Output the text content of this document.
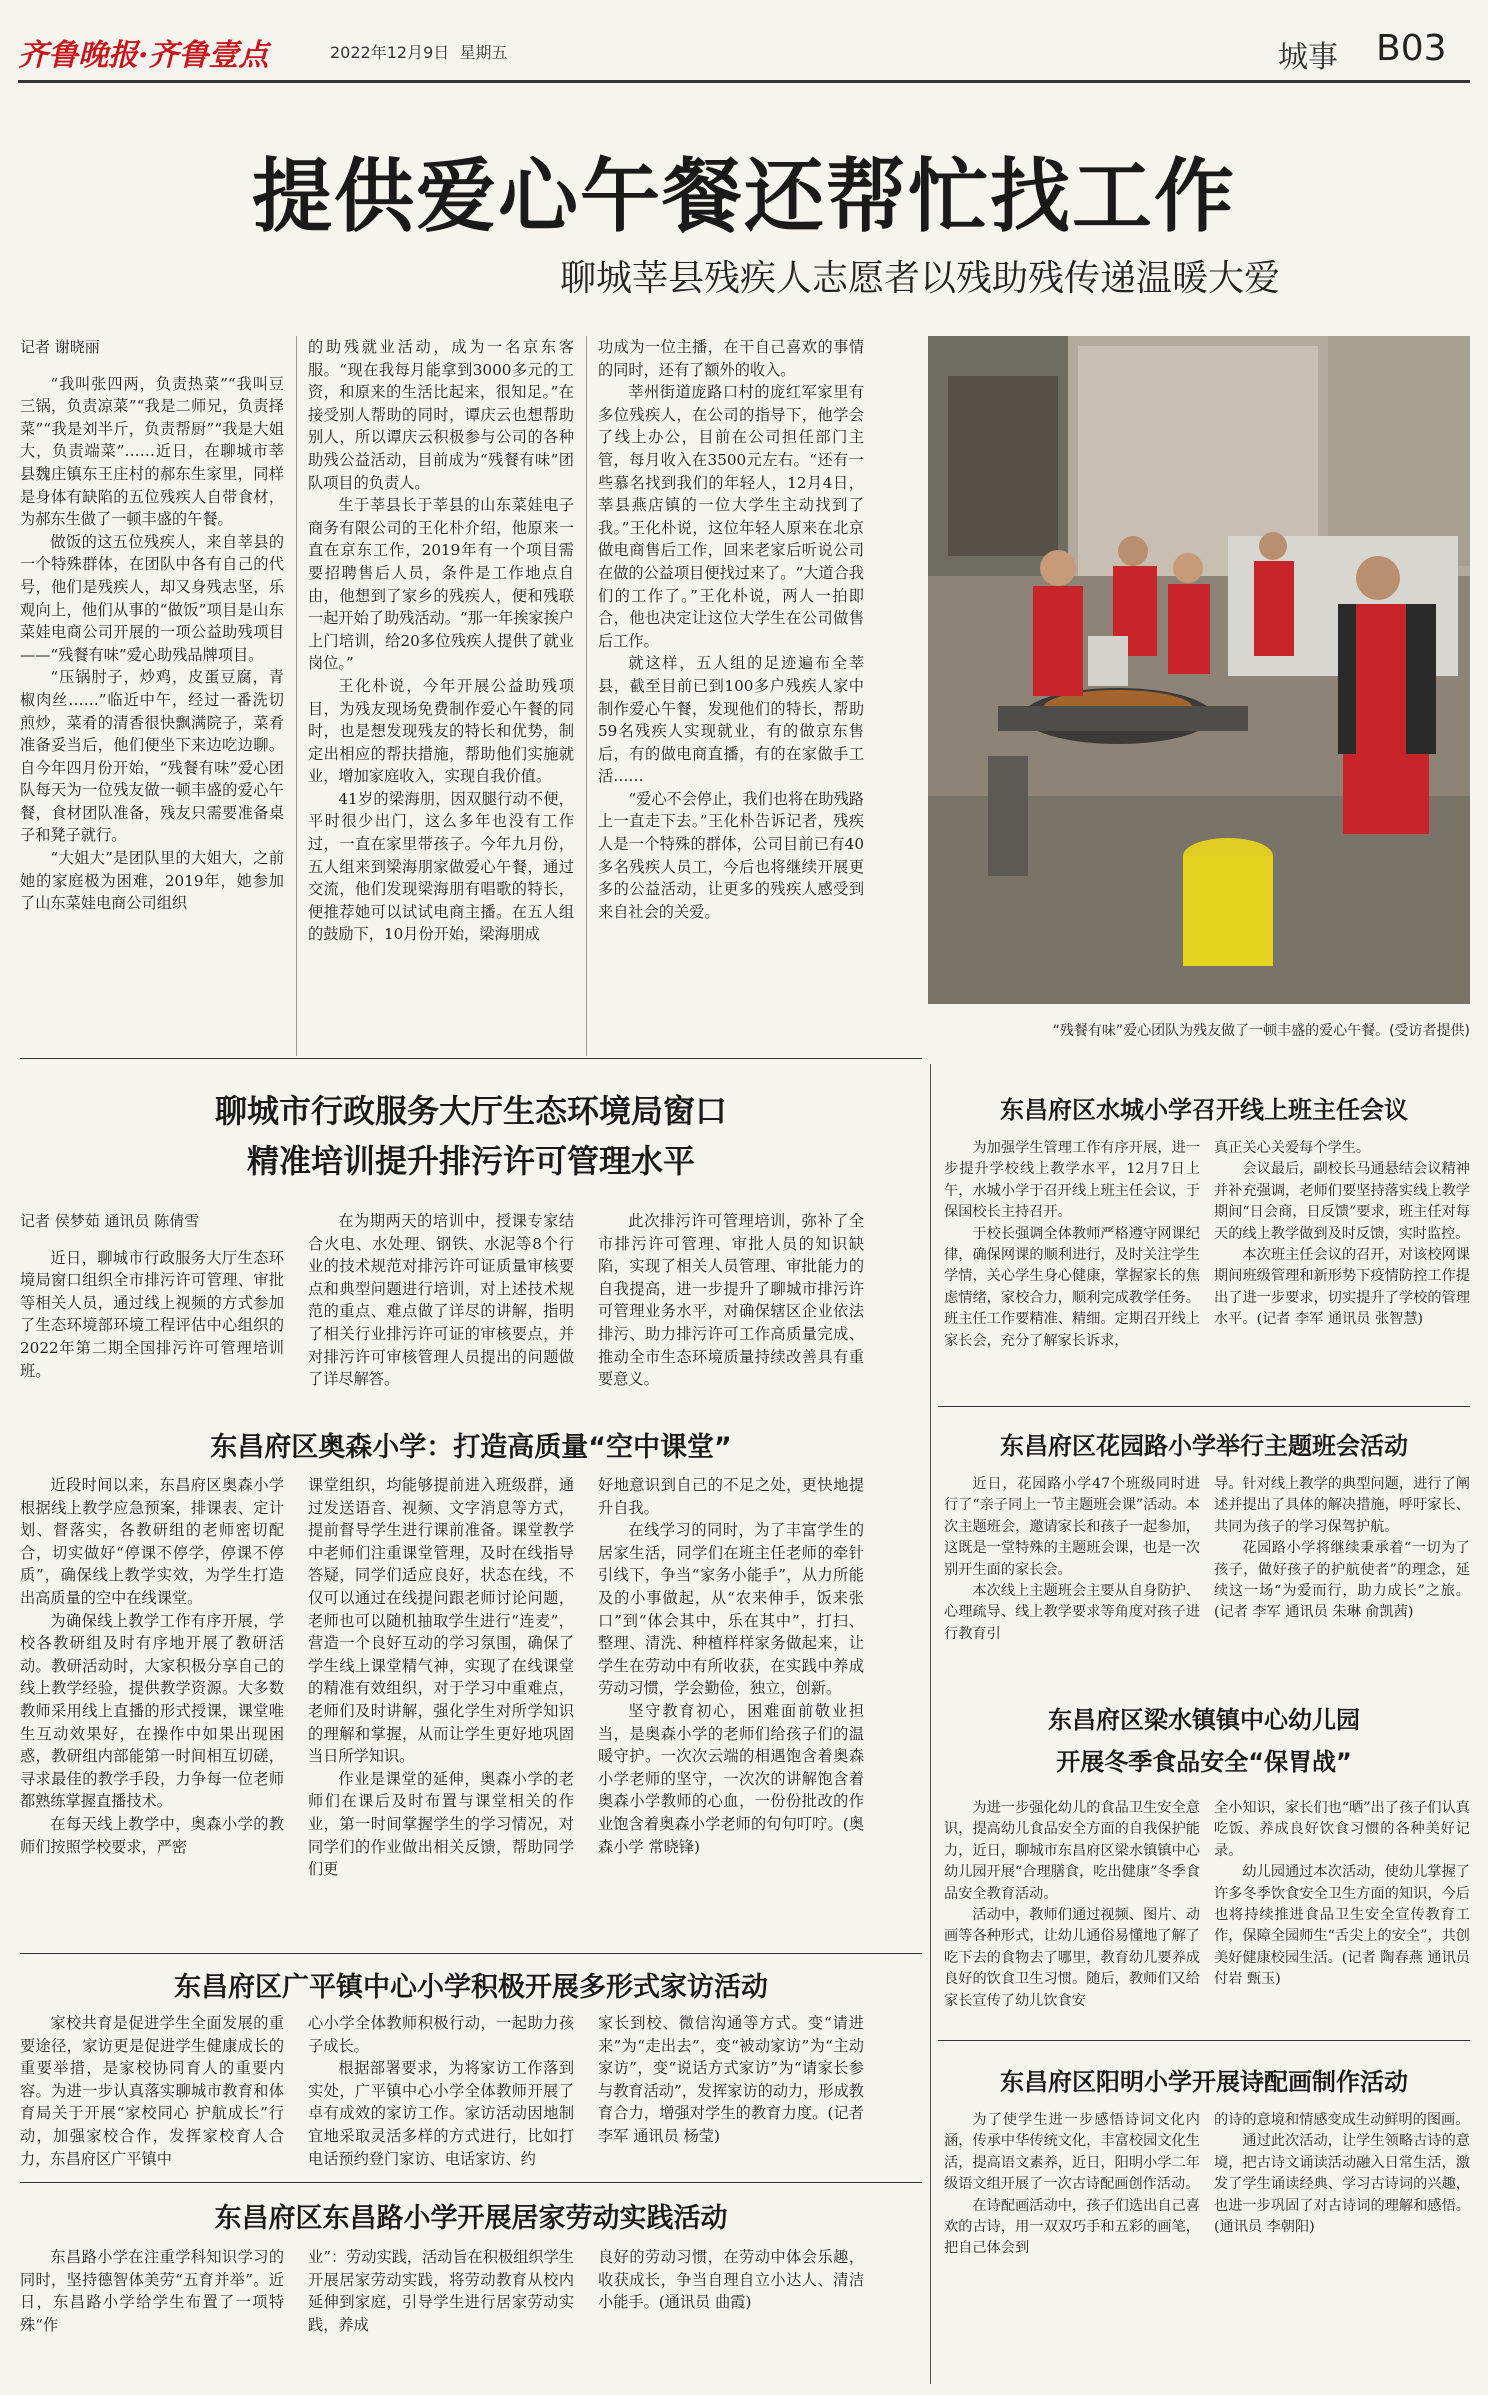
齐鲁晚报·齐鲁壹点	2022年12月9日 星期五	城事 B03
提供爱心午餐还帮忙找工作
聊城莘县残疾人志愿者以残助残传递温暖大爱

记者 谢晓丽

“我叫张四两，负责热菜”“我叫豆三锅，负责凉菜”“我是二师兄，负责择菜”“我是刘半斤，负责帮厨”“我是大姐大，负责端菜”……近日，在聊城市莘县魏庄镇东王庄村的郝东生家里，同样是身体有缺陷的五位残疾人自带食材，为郝东生做了一顿丰盛的午餐。

做饭的这五位残疾人，来自莘县的一个特殊群体，在团队中各有自己的代号，他们是残疾人，却又身残志坚，乐观向上，他们从事的“做饭”项目是山东菜娃电商公司开展的一项公益助残项目——“残餐有味”爱心助残品牌项目。

“压锅肘子，炒鸡，皮蛋豆腐，青椒肉丝……”临近中午，经过一番洗切煎炒，菜肴的清香很快飘满院子，菜肴准备妥当后，他们便坐下来边吃边聊。自今年四月份开始，“残餐有味”爱心团队每天为一位残友做一顿丰盛的爱心午餐，食材团队准备，残友只需要准备桌子和凳子就行。

“大姐大”是团队里的大姐大，之前她的家庭极为困难，2019年，她参加了山东菜娃电商公司组织

的助残就业活动，成为一名京东客服。“现在我每月能拿到3000多元的工资，和原来的生活比起来，很知足。”在接受别人帮助的同时，谭庆云也想帮助别人，所以谭庆云积极参与公司的各种助残公益活动，目前成为“残餐有味”团队项目的负责人。

生于莘县长于莘县的山东菜娃电子商务有限公司的王化朴介绍，他原来一直在京东工作，2019年有一个项目需要招聘售后人员，条件是工作地点自由，他想到了家乡的残疾人，便和残联一起开始了助残活动。“那一年挨家挨户上门培训，给20多位残疾人提供了就业岗位。”

王化朴说，今年开展公益助残项目，为残友现场免费制作爱心午餐的同时，也是想发现残友的特长和优势，制定出相应的帮扶措施，帮助他们实施就业，增加家庭收入，实现自我价值。

41岁的梁海朋，因双腿行动不便，平时很少出门，这么多年也没有工作过，一直在家里带孩子。今年九月份，五人组来到梁海朋家做爱心午餐，通过交流，他们发现梁海朋有唱歌的特长，便推荐她可以试试电商主播。在五人组的鼓励下，10月份开始，梁海朋成

功成为一位主播，在干自己喜欢的事情的同时，还有了额外的收入。

莘州街道庞路口村的庞红军家里有多位残疾人，在公司的指导下，他学会了线上办公，目前在公司担任部门主管，每月收入在3500元左右。“还有一些慕名找到我们的年轻人，12月4日，莘县燕店镇的一位大学生主动找到了我。”王化朴说，这位年轻人原来在北京做电商售后工作，回来老家后听说公司在做的公益项目便找过来了。“大道合我们的工作了。”王化朴说，两人一拍即合，他也决定让这位大学生在公司做售后工作。

就这样，五人组的足迹遍布全莘县，截至目前已到100多户残疾人家中制作爱心午餐，发现他们的特长，帮助59名残疾人实现就业，有的做京东售后，有的做电商直播，有的在家做手工活……

“爱心不会停止，我们也将在助残路上一直走下去。”王化朴告诉记者，残疾人是一个特殊的群体，公司目前已有40多名残疾人员工，今后也将继续开展更多的公益活动，让更多的残疾人感受到来自社会的关爱。

“残餐有味”爱心团队为残友做了一顿丰盛的爱心午餐。(受访者提供)
聊城市行政服务大厅生态环境局窗口
精准培训提升排污许可管理水平

记者 侯梦茹 通讯员 陈倩雪

近日，聊城市行政服务大厅生态环境局窗口组织全市排污许可管理、审批等相关人员，通过线上视频的方式参加了生态环境部环境工程评估中心组织的2022年第二期全国排污许可管理培训班。

在为期两天的培训中，授课专家结合火电、水处理、钢铁、水泥等8个行业的技术规范对排污许可证质量审核要点和典型问题进行培训，对上述技术规范的重点、难点做了详尽的讲解，指明了相关行业排污许可证的审核要点，并对排污许可审核管理人员提出的问题做了详尽解答。

此次排污许可管理培训，弥补了全市排污许可管理、审批人员的知识缺陷，实现了相关人员管理、审批能力的自我提高，进一步提升了聊城市排污许可管理业务水平，对确保辖区企业依法排污、助力排污许可工作高质量完成、推动全市生态环境质量持续改善具有重要意义。

东昌府区奥森小学：打造高质量“空中课堂”

近段时间以来，东昌府区奥森小学根据线上教学应急预案，排课表、定计划、督落实，各教研组的老师密切配合，切实做好“停课不停学，停课不停质”，确保线上教学实效，为学生打造出高质量的空中在线课堂。

为确保线上教学工作有序开展，学校各教研组及时有序地开展了教研活动。教研活动时，大家积极分享自己的线上教学经验，提供教学资源。大多数教师采用线上直播的形式授课，课堂唯生互动效果好，在操作中如果出现困惑，教研组内部能第一时间相互切磋，寻求最佳的教学手段，力争每一位老师都熟练掌握直播技术。

在每天线上教学中，奥森小学的教师们按照学校要求，严密

课堂组织，均能够提前进入班级群，通过发送语音、视频、文字消息等方式，提前督导学生进行课前准备。课堂教学中老师们注重课堂管理，及时在线指导答疑，同学们适应良好，状态在线，不仅可以通过在线提问跟老师讨论问题，老师也可以随机抽取学生进行“连麦”，营造一个良好互动的学习氛围，确保了学生线上课堂精气神，实现了在线课堂的精准有效组织，对于学习中重难点，老师们及时讲解，强化学生对所学知识的理解和掌握，从而让学生更好地巩固当日所学知识。

作业是课堂的延伸，奥森小学的老师们在课后及时布置与课堂相关的作业，第一时间掌握学生的学习情况，对同学们的作业做出相关反馈，帮助同学们更

好地意识到自己的不足之处，更快地提升自我。

在线学习的同时，为了丰富学生的居家生活，同学们在班主任老师的牵针引线下，争当“家务小能手”，从力所能及的小事做起，从“农来伸手，饭来张口”到“体会其中，乐在其中”，打扫、整理、清洗、种植样样家务做起来，让学生在劳动中有所收获，在实践中养成劳动习惯，学会勤俭，独立，创新。

坚守教育初心，困难面前敬业担当，是奥森小学的老师们给孩子们的温暖守护。一次次云端的相遇饱含着奥森小学老师的坚守，一次次的讲解饱含着奥森小学教师的心血，一份份批改的作业饱含着奥森小学老师的句句叮咛。(奥森小学 常晓锋)

东昌府区广平镇中心小学积极开展多形式家访活动

家校共育是促进学生全面发展的重要途径，家访更是促进学生健康成长的重要举措，是家校协同育人的重要内容。为进一步认真落实聊城市教育和体育局关于开展“家校同心 护航成长”行动，加强家校合作，发挥家校育人合力，东昌府区广平镇中

心小学全体教师积极行动，一起助力孩子成长。

根据部署要求，为将家访工作落到实处，广平镇中心小学全体教师开展了卓有成效的家访工作。家访活动因地制宜地采取灵活多样的方式进行，比如打电话预约登门家访、电话家访、约

家长到校、微信沟通等方式。变“请进来”为“走出去”，变“被动家访”为“主动家访”，变“说话方式家访”为“请家长参与教育活动”，发挥家访的动力，形成教育合力，增强对学生的教育力度。(记者 李军 通讯员 杨莹)

东昌府区东昌路小学开展居家劳动实践活动

东昌路小学在注重学科知识学习的同时，坚持德智体美劳“五育并举”。近日，东昌路小学给学生布置了一项特殊“作

业”：劳动实践，活动旨在积极组织学生开展居家劳动实践，将劳动教育从校内延伸到家庭，引导学生进行居家劳动实践，养成

良好的劳动习惯，在劳动中体会乐趣，收获成长，争当自理自立小达人、清洁小能手。(通讯员 曲霞)

东昌府区水城小学召开线上班主任会议

为加强学生管理工作有序开展，进一步提升学校线上教学水平，12月7日上午，水城小学于召开线上班主任会议，于保国校长主持召开。

于校长强调全体教师严格遵守网课纪律，确保网课的顺利进行，及时关注学生学情，关心学生身心健康，掌握家长的焦虑情绪，家校合力，顺利完成教学任务。班主任工作要精准、精细。定期召开线上家长会，充分了解家长诉求，

真正关心关爱每个学生。

会议最后，副校长马通悬结会议精神并补充强调，老师们要坚持落实线上教学期间“日会商，日反馈”要求，班主任对每天的线上教学做到及时反馈，实时监控。

本次班主任会议的召开，对该校网课期间班级管理和新形势下疫情防控工作提出了进一步要求，切实提升了学校的管理水平。(记者 李军 通讯员 张智慧)

东昌府区花园路小学举行主题班会活动

近日，花园路小学47个班级同时进行了“亲子同上一节主题班会课”活动。本次主题班会，邀请家长和孩子一起参加，这既是一堂特殊的主题班会课，也是一次别开生面的家长会。

本次线上主题班会主要从自身防护、心理疏导、线上教学要求等角度对孩子进行教育引

导。针对线上教学的典型问题，进行了阐述并提出了具体的解决措施，呼吁家长、共同为孩子的学习保驾护航。

花园路小学将继续秉承着“一切为了孩子，做好孩子的护航使者”的理念，延续这一场“为爱而行，助力成长”之旅。(记者 李军 通讯员 朱琳 俞凯茜)

东昌府区梁水镇镇中心幼儿园
开展冬季食品安全“保胃战”

为进一步强化幼儿的食品卫生安全意识，提高幼儿食品安全方面的自我保护能力，近日，聊城市东昌府区梁水镇镇中心幼儿园开展“合理膳食，吃出健康”冬季食品安全教育活动。

活动中，教师们通过视频、图片、动画等各种形式，让幼儿通俗易懂地了解了吃下去的食物去了哪里，教育幼儿要养成良好的饮食卫生习惯。随后，教师们又给家长宣传了幼儿饮食安

全小知识，家长们也“晒”出了孩子们认真吃饭、养成良好饮食习惯的各种美好记录。

幼儿园通过本次活动，使幼儿掌握了许多冬季饮食安全卫生方面的知识，今后也将持续推进食品卫生安全宣传教育工作，保障全园师生“舌尖上的安全”，共创美好健康校园生活。(记者 陶春燕 通讯员 付岩 甄玉)

东昌府区阳明小学开展诗配画制作活动

为了使学生进一步感悟诗词文化内涵，传承中华传统文化，丰富校园文化生活，提高语文素养，近日，阳明小学二年级语文组开展了一次古诗配画创作活动。

在诗配画活动中，孩子们选出自己喜欢的古诗，用一双双巧手和五彩的画笔，把自己体会到

的诗的意境和情感变成生动鲜明的图画。

通过此次活动，让学生领略古诗的意境，把古诗文诵读活动融入日常生活，激发了学生诵读经典、学习古诗词的兴趣，也进一步巩固了对古诗词的理解和感悟。(通讯员 李朝阳)
